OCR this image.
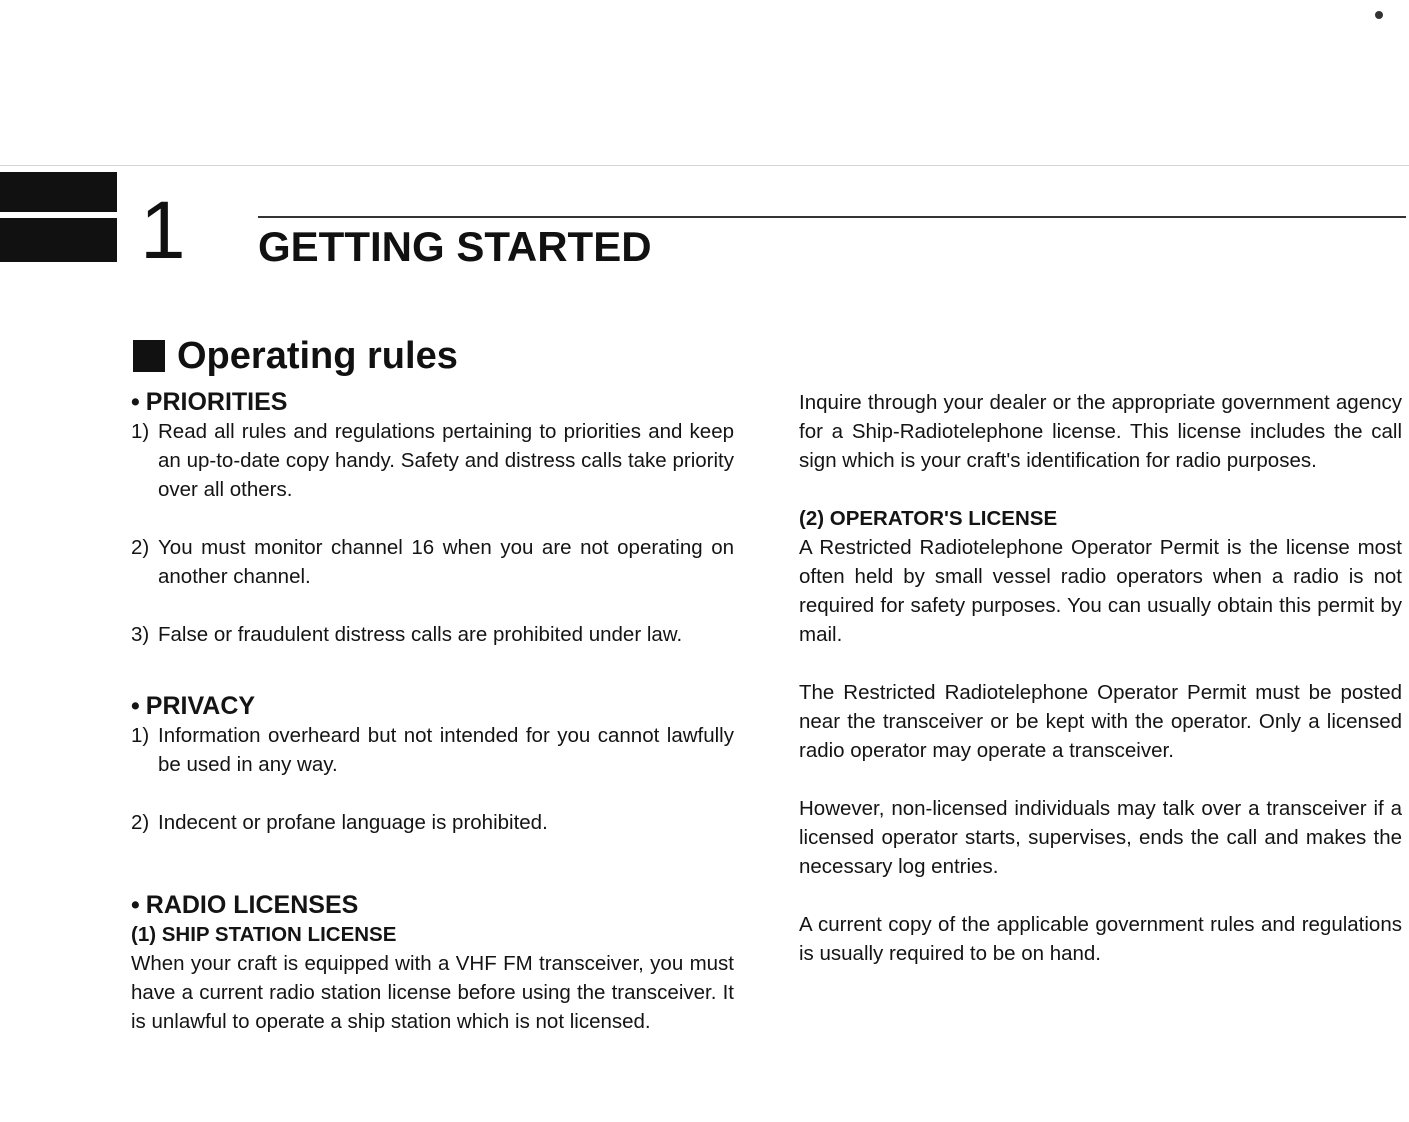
1 GETTING STARTED
Operating rules
• PRIORITIES
1) Read all rules and regulations pertaining to priorities and keep an up-to-date copy handy. Safety and distress calls take priority over all others.
2) You must monitor channel 16 when you are not operating on another channel.
3) False or fraudulent distress calls are prohibited under law.
• PRIVACY
1) Information overheard but not intended for you cannot lawfully be used in any way.
2) Indecent or profane language is prohibited.
• RADIO LICENSES
(1) SHIP STATION LICENSE

When your craft is equipped with a VHF FM transceiver, you must have a current radio station license before using the transceiver. It is unlawful to operate a ship station which is not licensed.

Inquire through your dealer or the appropriate government agency for a Ship-Radiotelephone license. This license includes the call sign which is your craft's identification for radio purposes.

(2) OPERATOR'S LICENSE

A Restricted Radiotelephone Operator Permit is the license most often held by small vessel radio operators when a radio is not required for safety purposes. You can usually obtain this permit by mail.

The Restricted Radiotelephone Operator Permit must be posted near the transceiver or be kept with the operator. Only a licensed radio operator may operate a transceiver.

However, non-licensed individuals may talk over a transceiver if a licensed operator starts, supervises, ends the call and makes the necessary log entries.

A current copy of the applicable government rules and regulations is usually required to be on hand.
